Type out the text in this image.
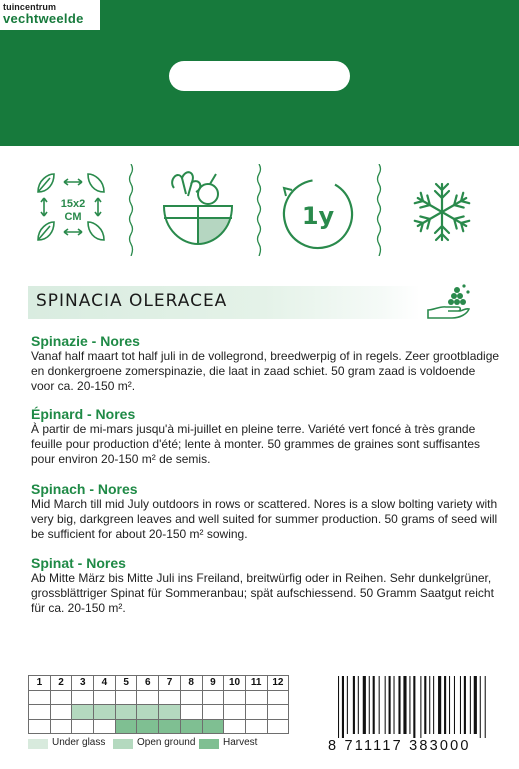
tuincentrum
vechtweelde
15x2
CM	1y
SPINACIA OLERACEA
Spinazie - Nores
Vanaf half maart tot half juli in de vollegrond, breedwerpig of in regels. Zeer grootbladige en donkergroene zomerspinazie, die laat in zaad schiet. 50 gram zaad is voldoende voor ca. 20-150 m².
Épinard - Nores
À partir de mi-mars jusqu'à mi-juillet en pleine terre. Variété vert foncé à très grande feuille pour production d'été; lente à monter. 50 grammes de graines sont suffisantes pour environ 20-150 m² de semis.
Spinach - Nores
Mid March till mid July outdoors in rows or scattered. Nores is a slow bolting variety with very big, darkgreen leaves and well suited for summer production. 50 grams of seed will be sufficient for about 20-150 m² sowing.
Spinat - Nores
Ab Mitte März bis Mitte Juli ins Freiland, breitwürfig oder in Reihen. Sehr dunkelgrüner, grossblättriger Spinat für Sommeranbau; spät aufschiessend. 50 Gramm Saatgut reicht für ca. 20-150 m².
1	2	3	4	5	6	7	8	9	10	11	12

Under glass	Open ground	Harvest	8 711117 383000
